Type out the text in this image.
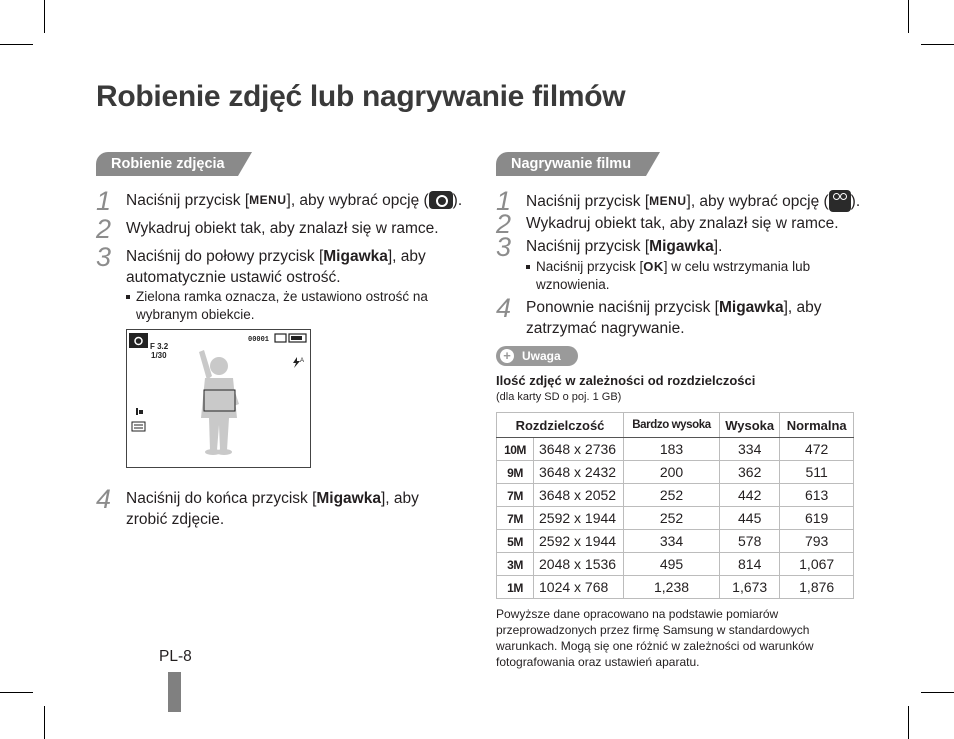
Robienie zdjęć lub nagrywanie filmów
Robienie zdjęcia
1 Naciśnij przycisk [MENU], aby wybrać opcję ( ).
2 Wykadruj obiekt tak, aby znalazł się w ramce.
3 Naciśnij do połowy przycisk [Migawka], aby
automatycznie ustawić ostrość.
Zielona ramka oznacza, że ustawiono ostrość na
wybranym obiekcie.
F 3.2
1/30
00001
A
4 Naciśnij do końca przycisk [Migawka], aby
zrobić zdjęcie.
Nagrywanie filmu
1 Naciśnij przycisk [MENU], aby wybrać opcję ( ).
2 Wykadruj obiekt tak, aby znalazł się w ramce.
3 Naciśnij przycisk [Migawka].
Naciśnij przycisk [OK] w celu wstrzymania lub
wznowienia.
4 Ponownie naciśnij przycisk [Migawka], aby
zatrzymać nagrywanie.
+ Uwaga
Ilość zdjęć w zależności od rozdzielczości
(dla karty SD o poj. 1 GB)
Rozdzielczość		Bardzo wysoka	Wysoka	Normalna
10M	3648 x 2736	183	334	472
9M	3648 x 2432	200	362	511
7M	3648 x 2052	252	442	613
7M	2592 x 1944	252	445	619
5M	2592 x 1944	334	578	793
3M	2048 x 1536	495	814	1,067
1M	1024 x 768	1,238	1,673	1,876
Powyższe dane opracowano na podstawie pomiarów
przeprowadzonych przez firmę Samsung w standardowych
warunkach. Mogą się one różnić w zależności od warunków
fotografowania oraz ustawień aparatu.
PL-8
